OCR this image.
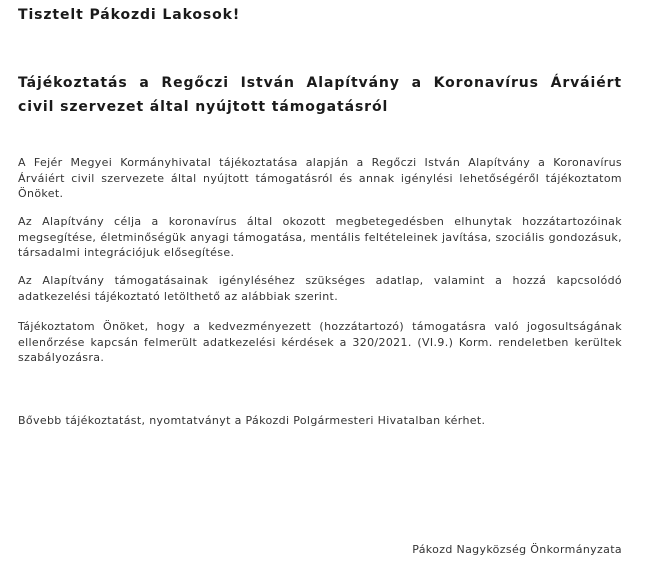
Tisztelt Pákozdi Lakosok!
Tájékoztatás a Regőczi István Alapítvány a Koronavírus Árváiért civil szervezet által nyújtott támogatásról

A Fejér Megyei Kormányhivatal tájékoztatása alapján a Regőczi István Alapítvány a Koronavírus Árváiért civil szervezete által nyújtott támogatásról és annak igénylési lehetőségéről tájékoztatom Önöket.

Az Alapítvány célja a koronavírus által okozott megbetegedésben elhunytak hozzátartozóinak megsegítése, életminőségük anyagi támogatása, mentális feltételeinek javítása, szociális gondozásuk, társadalmi integrációjuk elősegítése.

Az Alapítvány támogatásainak igényléséhez szükséges adatlap, valamint a hozzá kapcsolódó adatkezelési tájékoztató letölthető az alábbiak szerint.

Tájékoztatom Önöket, hogy a kedvezményezett (hozzátartozó) támogatásra való jogosultságának ellenőrzése kapcsán felmerült adatkezelési kérdések a 320/2021. (VI.9.) Korm. rendeletben kerültek szabályozásra.

Bővebb tájékoztatást, nyomtatványt a Pákozdi Polgármesteri Hivatalban kérhet.

Pákozd Nagyközség Önkormányzata
